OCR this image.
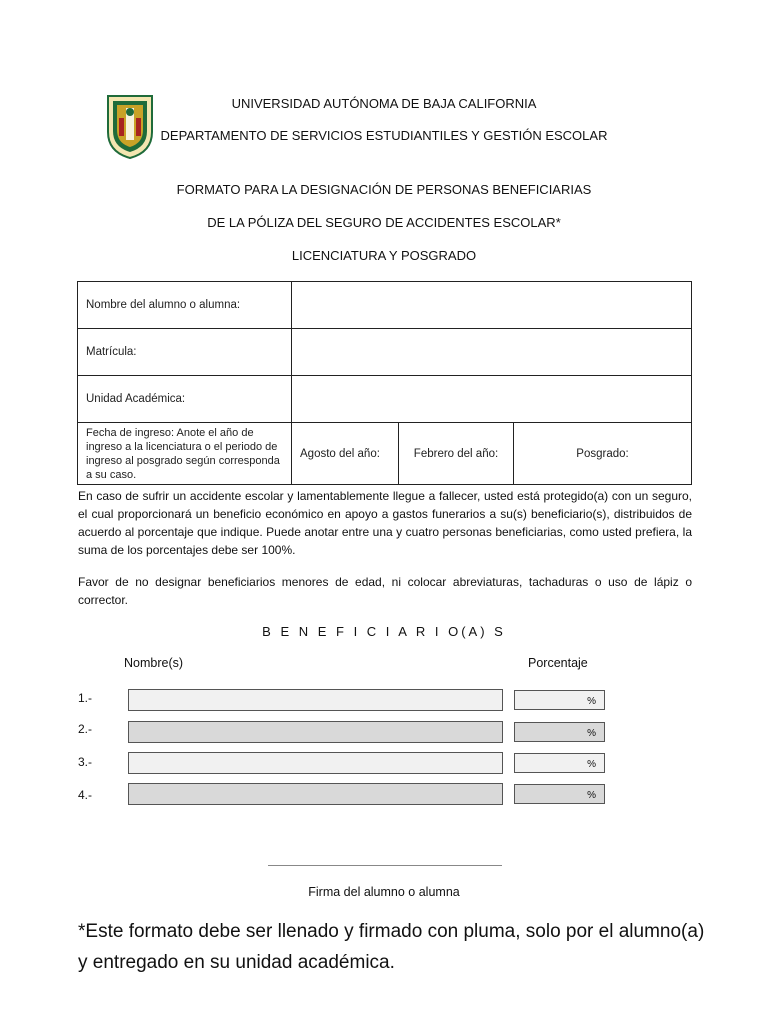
UNIVERSIDAD AUTÓNOMA DE BAJA CALIFORNIA
DEPARTAMENTO DE SERVICIOS ESTUDIANTILES Y GESTIÓN ESCOLAR
FORMATO PARA LA DESIGNACIÓN DE PERSONAS BENEFICIARIAS
DE LA PÓLIZA DEL SEGURO DE ACCIDENTES ESCOLAR*
LICENCIATURA Y POSGRADO
Nombre del alumno o alumna:			
Matrícula:			
Unidad Académica:			
Fecha de ingreso: Anote el año de ingreso a la licenciatura o el periodo de ingreso al posgrado según corresponda a su caso.	Agosto del año:	Febrero del año:	Posgrado:
En caso de sufrir un accidente escolar y lamentablemente llegue a fallecer, usted está protegido(a) con un seguro, el cual proporcionará un beneficio económico en apoyo a gastos funerarios a su(s) beneficiario(s), distribuidos de acuerdo al porcentaje que indique. Puede anotar entre una y cuatro personas beneficiarias, como usted prefiera, la suma de los porcentajes debe ser 100%.
Favor de no designar beneficiarios menores de edad, ni colocar abreviaturas, tachaduras o uso de lápiz o corrector.
B E N E F I C I A R I O(A) S
Nombre(s)	Porcentaje
1.-	%
2.-	%
3.-	%
4.-	%
Firma del alumno o alumna
*Este formato debe ser llenado y firmado con pluma, solo por el alumno(a) y entregado en su unidad académica.
